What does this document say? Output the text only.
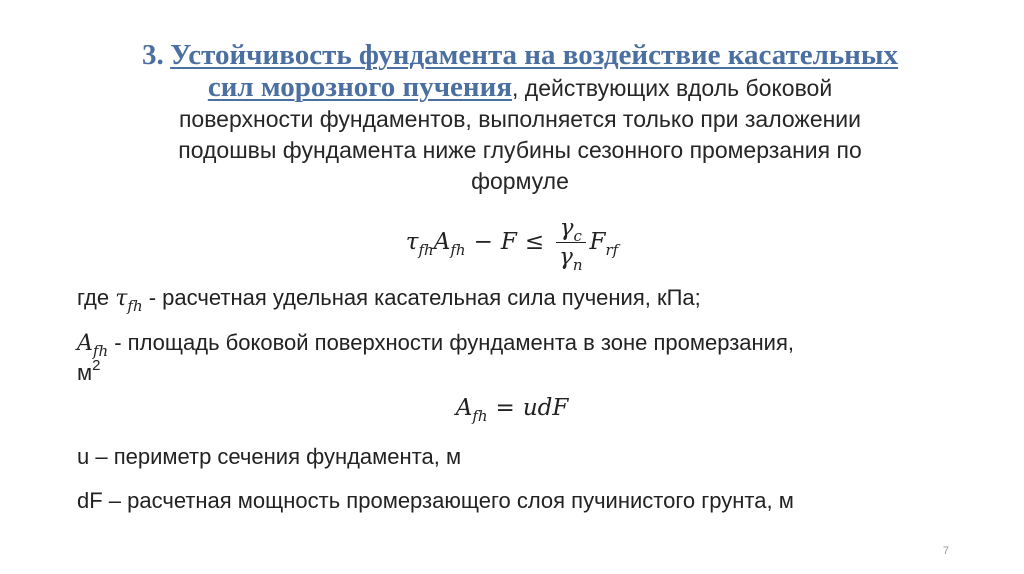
3. Устойчивость фундамента на воздействие касательных
сил морозного пучения, действующих вдоль боковой
поверхности фундаментов, выполняется только при заложении
подошвы фундамента ниже глубины сезонного промерзания по
формуле
$\tau_{fh}$ $A_{fh} - F \le \frac{\gamma_c}{\gamma_n} F_{rf}$
где $\tau_{fh}$ - расчетная удельная касательная сила пучения, кПа;
$A_{fh}$ - площадь боковой поверхности фундамента в зоне промерзания,
$м^2$
$A_{fh}$ = udF
u – периметр сечения фундамента, м
dF – расчетная мощность промерзающего слоя пучинистого грунта, м
7
